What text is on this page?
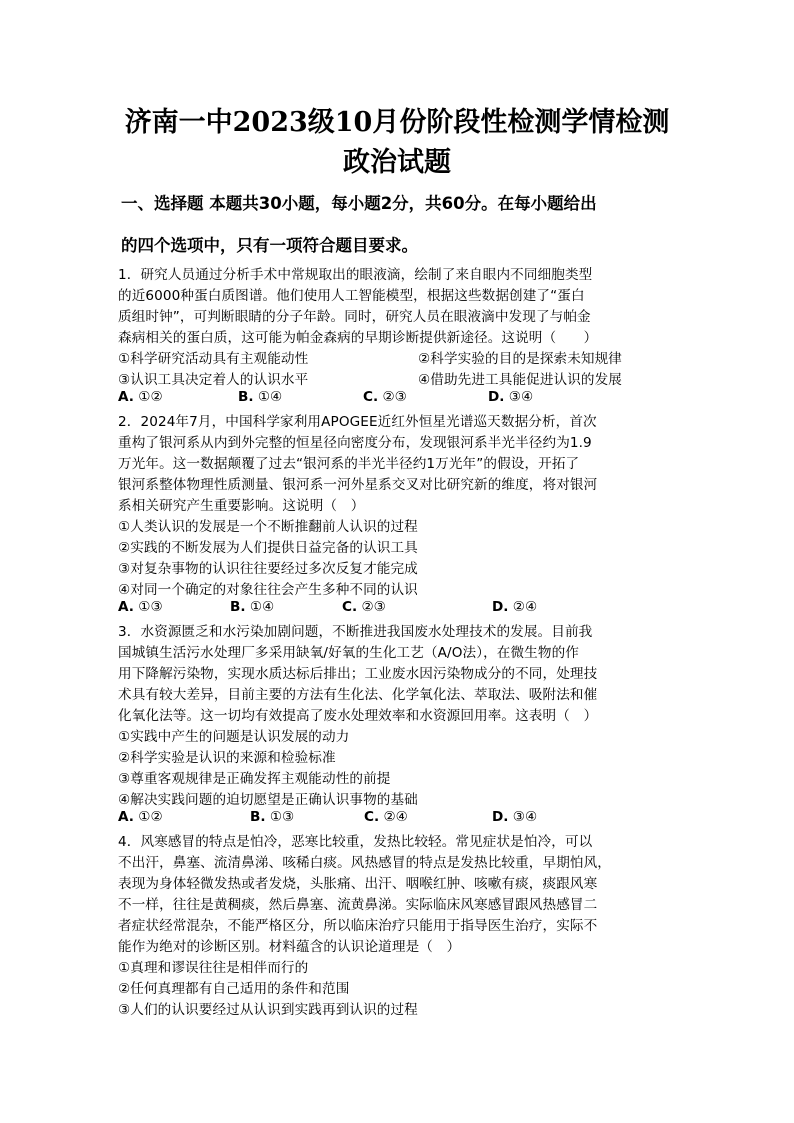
济南一中2023级10月份阶段性检测学情检测
政治试题
一、选择题 本题共30小题，每小题2分，共60分。在每小题给出
的四个选项中，只有一项符合题目要求。
1．研究人员通过分析手术中常规取出的眼液滴，绘制了来自眼内不同细胞类型
的近6000种蛋白质图谱。他们使用人工智能模型，根据这些数据创建了“蛋白
质组时钟”，可判断眼睛的分子年龄。同时，研究人员在眼液滴中发现了与帕金
森病相关的蛋白质，这可能为帕金森病的早期诊断提供新途径。这说明（　　）
①科学研究活动具有主观能动性	②科学实验的目的是探索未知规律
③认识工具决定着人的认识水平	④借助先进工具能促进认识的发展
A. ①②	B. ①④	C. ②③	D. ③④
2．2024年7月，中国科学家利用APOGEE近红外恒星光谱巡天数据分析，首次
重构了银河系从内到外完整的恒星径向密度分布，发现银河系半光半径约为1.9
万光年。这一数据颠覆了过去“银河系的半光半径约1万光年”的假设，开拓了
银河系整体物理性质测量、银河系一河外星系交叉对比研究新的维度，将对银河
系相关研究产生重要影响。这说明（　）
①人类认识的发展是一个不断推翻前人认识的过程
②实践的不断发展为人们提供日益完备的认识工具
③对复杂事物的认识往往要经过多次反复才能完成
④对同一个确定的对象往往会产生多种不同的认识
A. ①③	B. ①④	C. ②③	D. ②④
3．水资源匮乏和水污染加剧问题，不断推进我国废水处理技术的发展。目前我
国城镇生活污水处理厂多采用缺氧/好氧的生化工艺（A/O法），在微生物的作
用下降解污染物，实现水质达标后排出；工业废水因污染物成分的不同，处理技
术具有较大差异，目前主要的方法有生化法、化学氧化法、萃取法、吸附法和催
化氧化法等。这一切均有效提高了废水处理效率和水资源回用率。这表明（　）
①实践中产生的问题是认识发展的动力
②科学实验是认识的来源和检验标准
③尊重客观规律是正确发挥主观能动性的前提
④解决实践问题的迫切愿望是正确认识事物的基础
A. ①②	B. ①③	C. ②④	D. ③④
4．风寒感冒的特点是怕冷，恶寒比较重，发热比较轻。常见症状是怕冷，可以
不出汗，鼻塞、流清鼻涕、咳稀白痰。风热感冒的特点是发热比较重，早期怕风，
表现为身体轻微发热或者发烧，头胀痛、出汗、咽喉红肿、咳嗽有痰，痰跟风寒
不一样，往往是黄稠痰，然后鼻塞、流黄鼻涕。实际临床风寒感冒跟风热感冒二
者症状经常混杂，不能严格区分，所以临床治疗只能用于指导医生治疗，实际不
能作为绝对的诊断区别。材料蕴含的认识论道理是（　）
①真理和谬误往往是相伴而行的
②任何真理都有自己适用的条件和范围
③人们的认识要经过从认识到实践再到认识的过程
